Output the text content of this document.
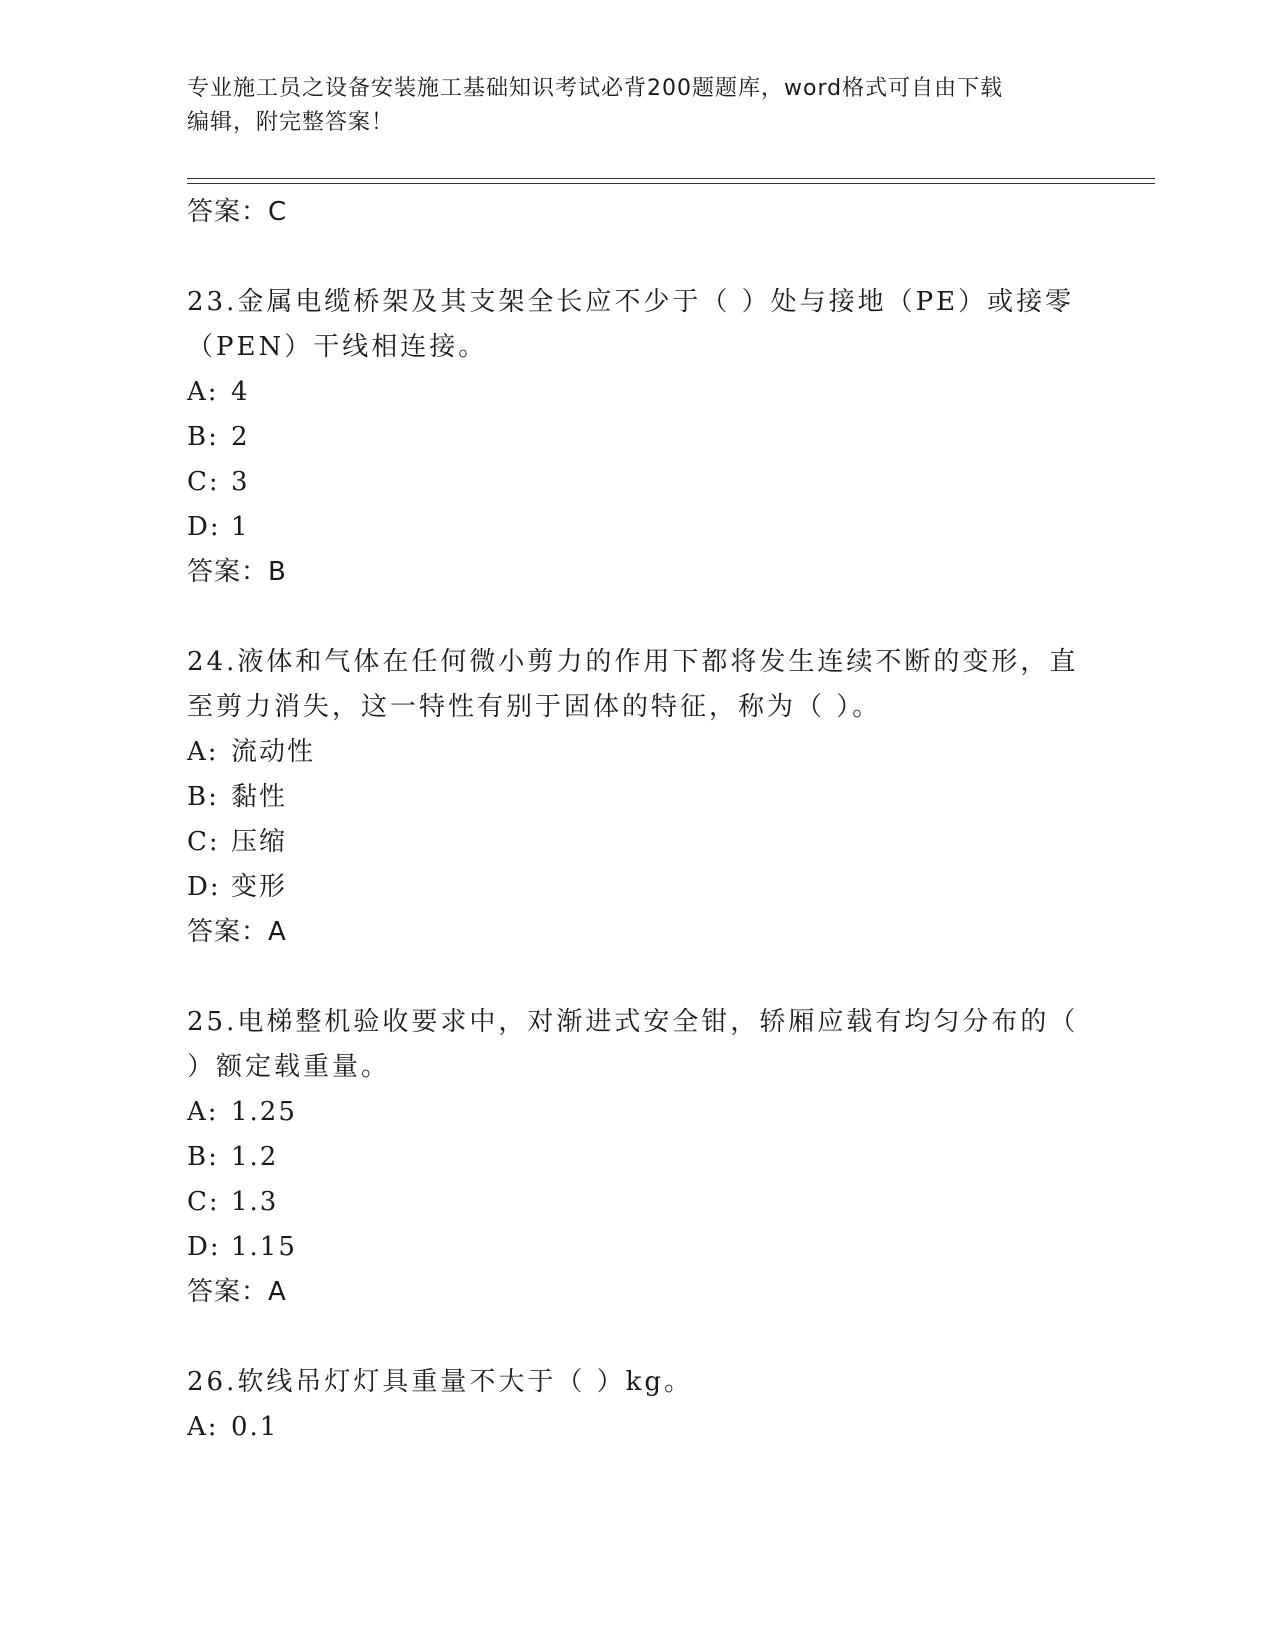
专业施工员之设备安装施工基础知识考试必背200题题库，word格式可自由下载
编辑，附完整答案！
答案：C
23.金属电缆桥架及其支架全长应不少于（ ）处与接地（PE）或接零
（PEN）干线相连接。
A: 4
B: 2
C: 3
D: 1
答案：B
24.液体和气体在任何微小剪力的作用下都将发生连续不断的变形，直
至剪力消失，这一特性有别于固体的特征，称为（ ）。
A: 流动性
B: 黏性
C: 压缩
D: 变形
答案：A
25.电梯整机验收要求中，对渐进式安全钳，轿厢应载有均匀分布的（
）额定载重量。
A: 1.25
B: 1.2
C: 1.3
D: 1.15
答案：A
26.软线吊灯灯具重量不大于（ ）kg。
A: 0.1
